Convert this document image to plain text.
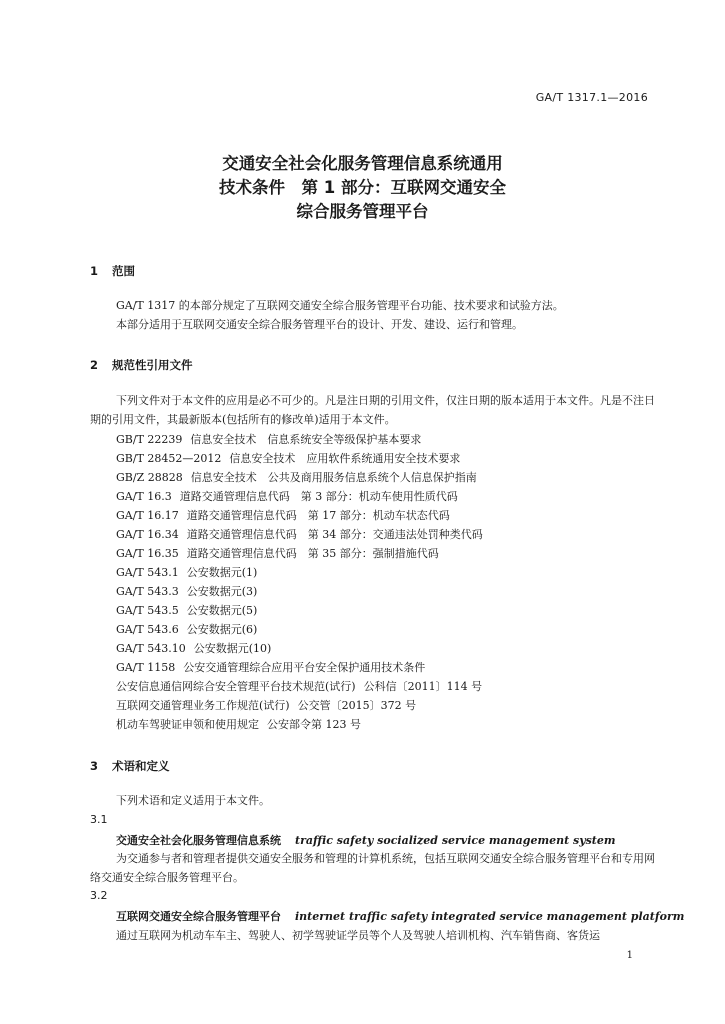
GA/T 1317.1—2016
交通安全社会化服务管理信息系统通用
技术条件　第 1 部分：互联网交通安全
综合服务管理平台
1 范围

GA/T 1317 的本部分规定了互联网交通安全综合服务管理平台功能、技术要求和试验方法。

本部分适用于互联网交通安全综合服务管理平台的设计、开发、建设、运行和管理。

2 规范性引用文件

下列文件对于本文件的应用是必不可少的。凡是注日期的引用文件，仅注日期的版本适用于本文件。凡是不注日期的引用文件，其最新版本(包括所有的修改单)适用于本文件。

GB/T 22239 信息安全技术　信息系统安全等级保护基本要求
GB/T 28452—2012 信息安全技术　应用软件系统通用安全技术要求
GB/Z 28828 信息安全技术　公共及商用服务信息系统个人信息保护指南
GA/T 16.3 道路交通管理信息代码　第 3 部分：机动车使用性质代码
GA/T 16.17 道路交通管理信息代码　第 17 部分：机动车状态代码
GA/T 16.34 道路交通管理信息代码　第 34 部分：交通违法处罚种类代码
GA/T 16.35 道路交通管理信息代码　第 35 部分：强制措施代码
GA/T 543.1 公安数据元(1)
GA/T 543.3 公安数据元(3)
GA/T 543.5 公安数据元(5)
GA/T 543.6 公安数据元(6)
GA/T 543.10 公安数据元(10)
GA/T 1158 公安交通管理综合应用平台安全保护通用技术条件
公安信息通信网综合安全管理平台技术规范(试行) 公科信〔2011〕114 号
互联网交通管理业务工作规范(试行) 公交管〔2015〕372 号
机动车驾驶证申领和使用规定 公安部令第 123 号
3 术语和定义

下列术语和定义适用于本文件。

3.1
交通安全社会化服务管理信息系统 traffic safety socialized service management system

为交通参与者和管理者提供交通安全服务和管理的计算机系统，包括互联网交通安全综合服务管理平台和专用网络交通安全综合服务管理平台。

3.2
互联网交通安全综合服务管理平台 internet traffic safety integrated service management platform

通过互联网为机动车车主、驾驶人、初学驾驶证学员等个人及驾驶人培训机构、汽车销售商、客货运

1
